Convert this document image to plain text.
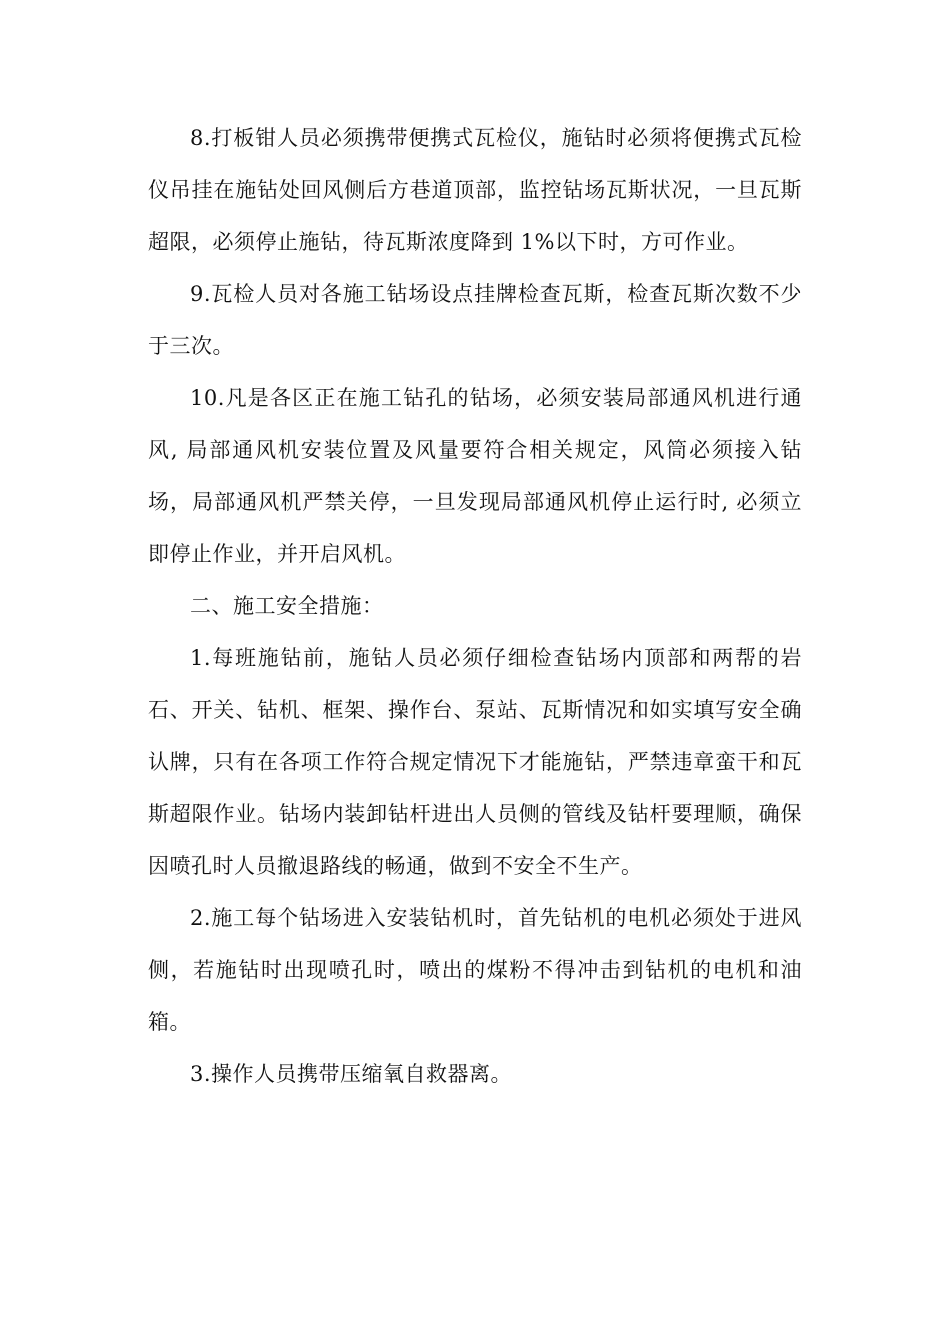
8.打板钳人员必须携带便携式瓦检仪，施钻时必须将便携式瓦检仪吊挂在施钻处回风侧后方巷道顶部，监控钻场瓦斯状况，一旦瓦斯超限，必须停止施钻，待瓦斯浓度降到 1%以下时，方可作业。

9.瓦检人员对各施工钻场设点挂牌检查瓦斯，检查瓦斯次数不少于三次。

10.凡是各区正在施工钻孔的钻场，必须安装局部通风机进行通风, 局部通风机安装位置及风量要符合相关规定，风筒必须接入钻场，局部通风机严禁关停，一旦发现局部通风机停止运行时, 必须立即停止作业，并开启风机。

二、施工安全措施：

1.每班施钻前，施钻人员必须仔细检查钻场内顶部和两帮的岩石、开关、钻机、框架、操作台、泵站、瓦斯情况和如实填写安全确认牌，只有在各项工作符合规定情况下才能施钻，严禁违章蛮干和瓦斯超限作业。钻场内装卸钻杆进出人员侧的管线及钻杆要理顺，确保因喷孔时人员撤退路线的畅通，做到不安全不生产。

2.施工每个钻场进入安装钻机时，首先钻机的电机必须处于进风侧，若施钻时出现喷孔时，喷出的煤粉不得冲击到钻机的电机和油箱。

3.操作人员携带压缩氧自救器离。
